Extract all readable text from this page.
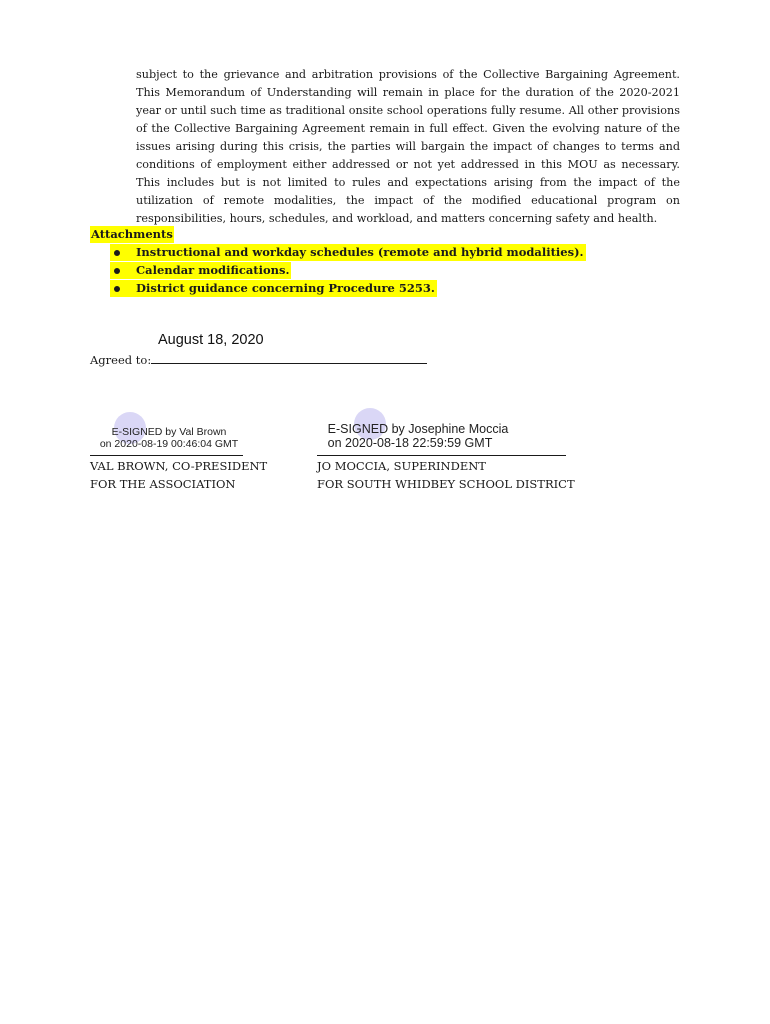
subject to the grievance and arbitration provisions of the Collective Bargaining Agreement. This Memorandum of Understanding will remain in place for the duration of the 2020-2021 year or until such time as traditional onsite school operations fully resume. All other provisions of the Collective Bargaining Agreement remain in full effect. Given the evolving nature of the issues arising during this crisis, the parties will bargain the impact of changes to terms and conditions of employment either addressed or not yet addressed in this MOU as necessary. This includes but is not limited to rules and expectations arising from the impact of the utilization of remote modalities, the impact of the modified educational program on responsibilities, hours, schedules, and workload, and matters concerning safety and health.

Attachments
Instructional and workday schedules (remote and hybrid modalities).
Calendar modifications.
District guidance concerning Procedure 5253.
August 18, 2020
Agreed to:
E-SIGNED by Val Brown
on 2020-08-19 00:46:04 GMT
VAL BROWN, CO-PRESIDENT
FOR THE ASSOCIATION
E-SIGNED by Josephine Moccia
on 2020-08-18 22:59:59 GMT
JO MOCCIA, SUPERINDENT
FOR SOUTH WHIDBEY SCHOOL DISTRICT
